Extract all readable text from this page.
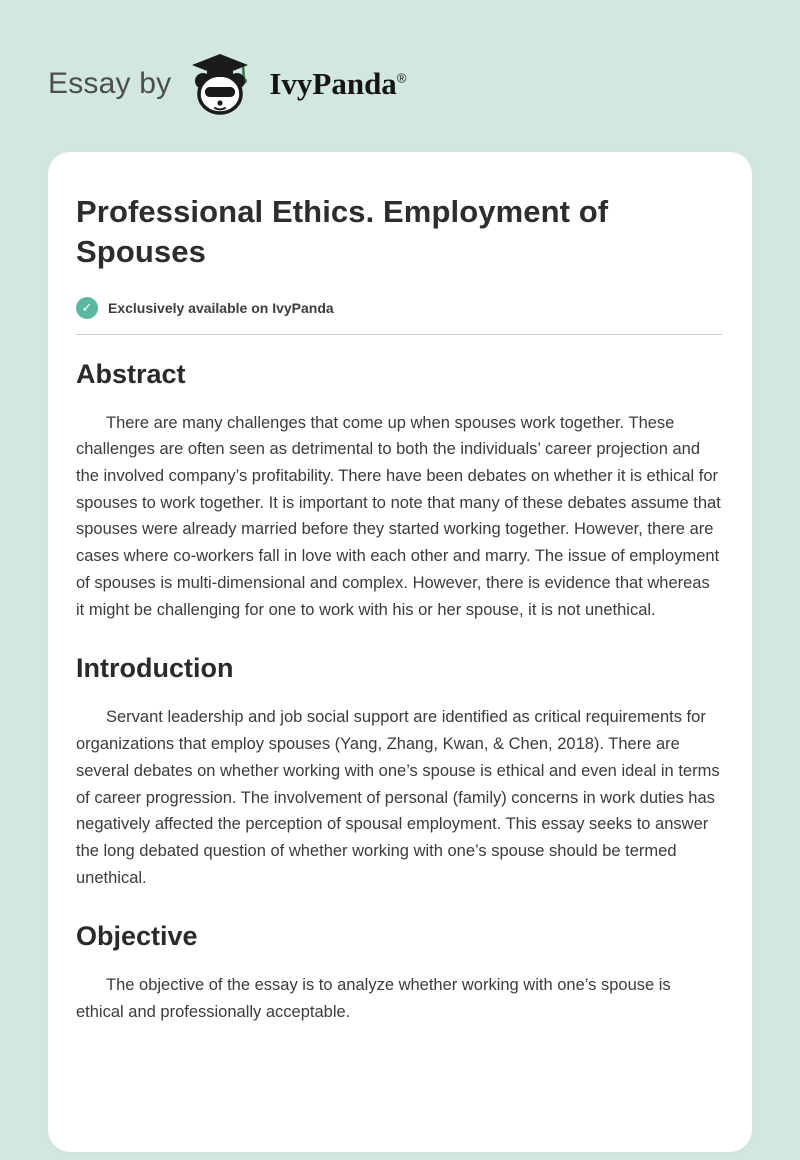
Essay by	IvyPanda®
Professional Ethics. Employment of Spouses
✓	Exclusively available on IvyPanda
Abstract

There are many challenges that come up when spouses work together. These challenges are often seen as detrimental to both the individuals’ career projection and the involved company’s profitability. There have been debates on whether it is ethical for spouses to work together. It is important to note that many of these debates assume that spouses were already married before they started working together. However, there are cases where co-workers fall in love with each other and marry. The issue of employment of spouses is multi-dimensional and complex. However, there is evidence that whereas it might be challenging for one to work with his or her spouse, it is not unethical.

Introduction

Servant leadership and job social support are identified as critical requirements for organizations that employ spouses (Yang, Zhang, Kwan, & Chen, 2018). There are several debates on whether working with one’s spouse is ethical and even ideal in terms of career progression. The involvement of personal (family) concerns in work duties has negatively affected the perception of spousal employment. This essay seeks to answer the long debated question of whether working with one’s spouse should be termed unethical.

Objective

The objective of the essay is to analyze whether working with one’s spouse is ethical and professionally acceptable.
